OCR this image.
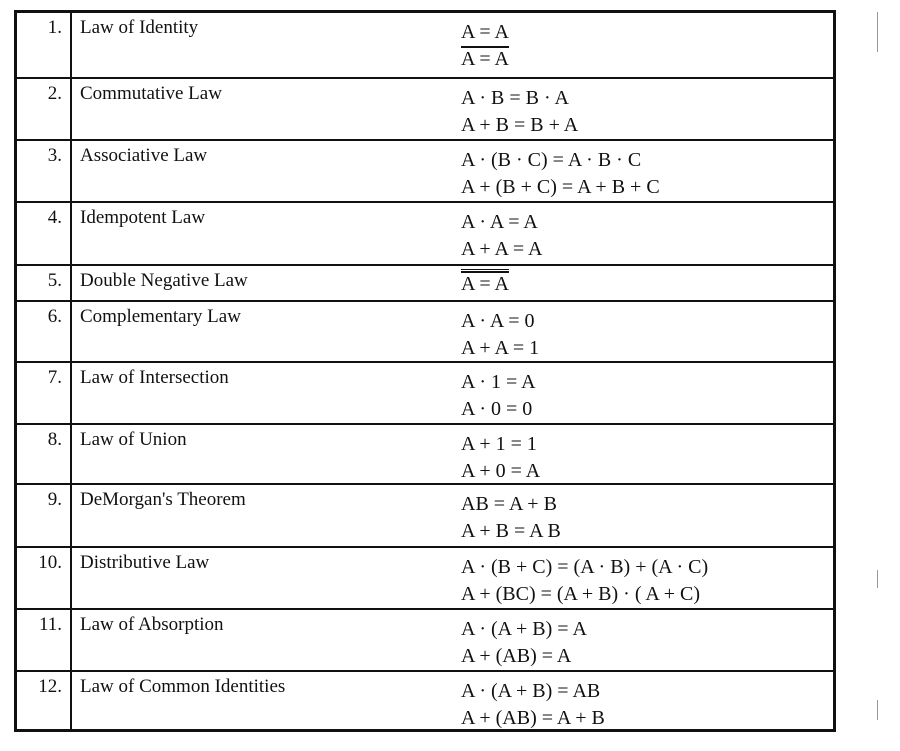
1. Law of Identity	A = A
A = A
2. Commutative Law	A · B = B · A
A + B = B + A
3. Associative Law	A · (B · C) = A · B · C
A + (B + C) = A + B + C
4. Idempotent Law	A · A = A
A + A = A
5. Double Negative Law	A = A
6. Complementary Law	A · A = 0
A + A = 1
7. Law of Intersection	A · 1 = A
A · 0 = 0
8. Law of Union	A + 1 = 1
A + 0 = A
9. DeMorgan's Theorem	AB = A + B
A + B = A B
10. Distributive Law	A · (B + C) = (A · B) + (A · C)
A + (BC) = (A + B) · ( A + C)
11. Law of Absorption	A · (A + B) = A
A + (AB) = A
12. Law of Common Identities	A · (A + B) = AB
A + (AB) = A + B
